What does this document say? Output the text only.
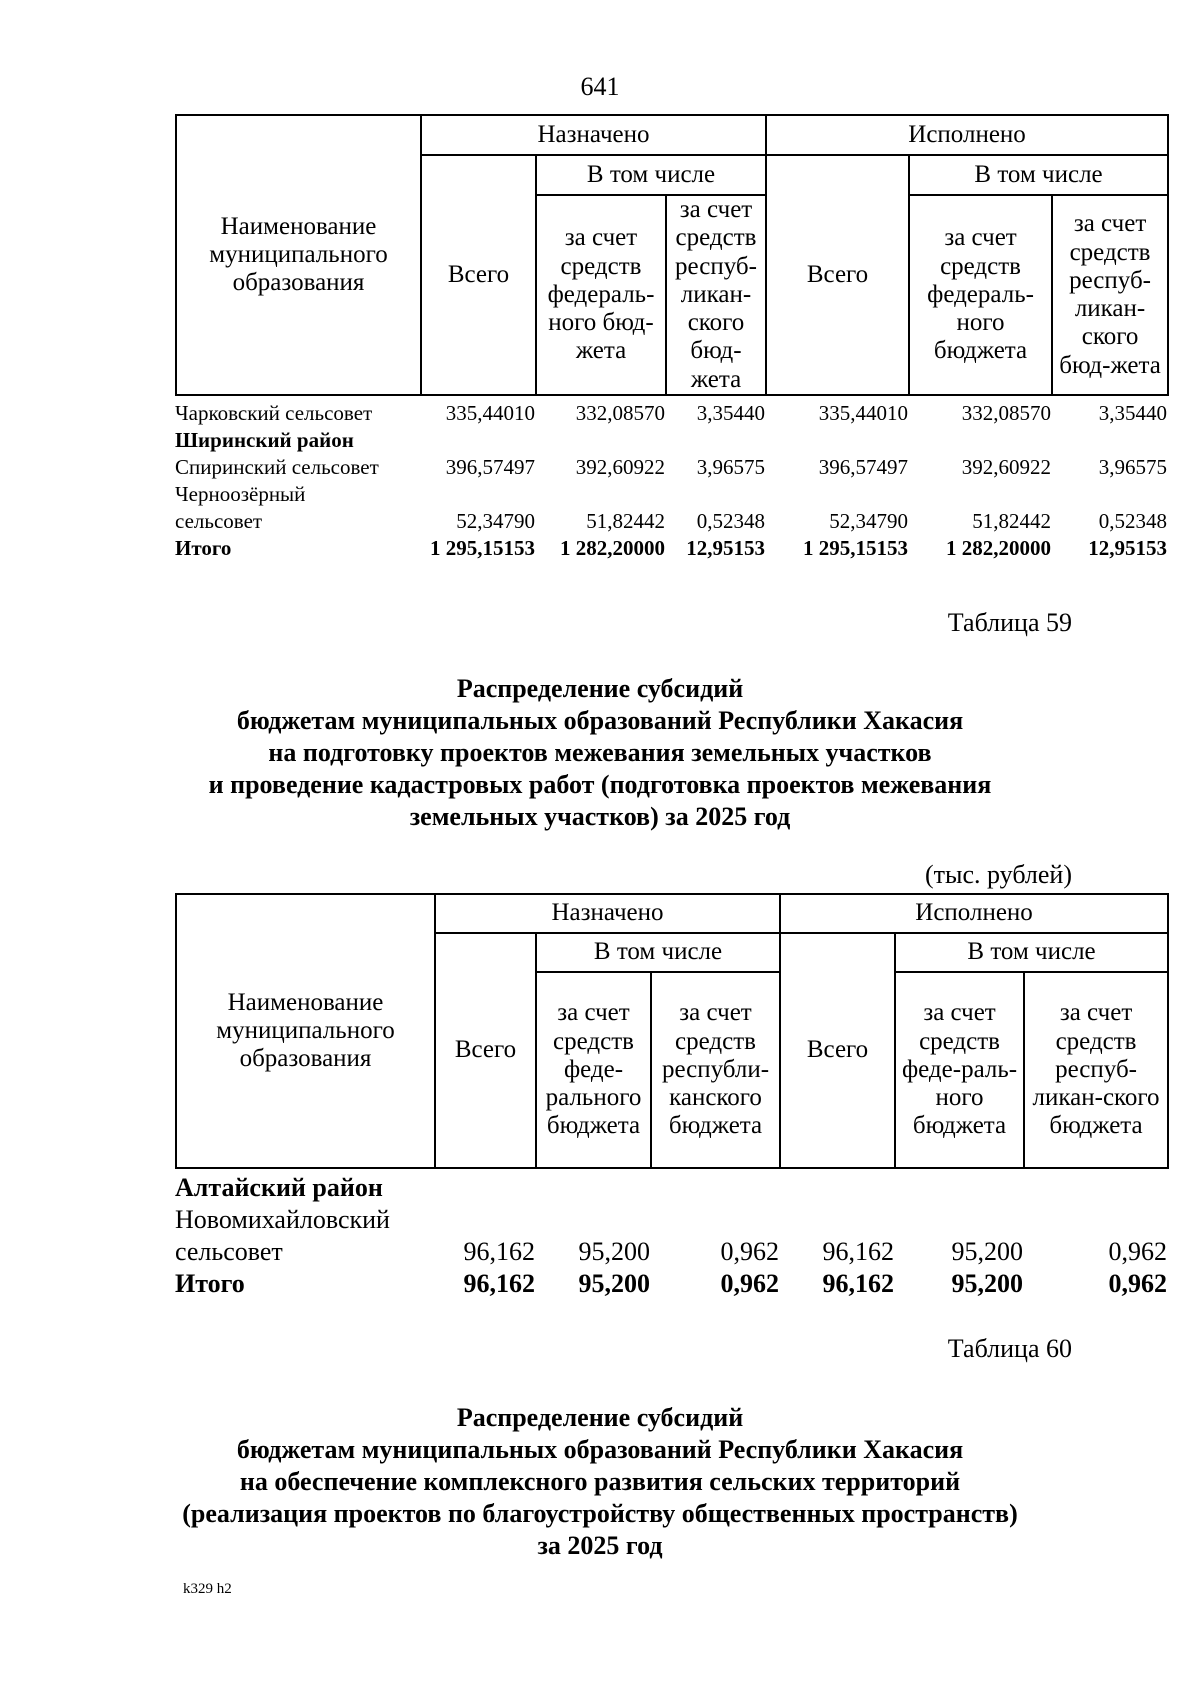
641
Наименование муниципального образования	Назначено			Исполнено		
	Всего	В том числе		Всего	В том числе	
		за счет средств федераль-ного бюд-жета	за счет средств респуб-ликан-ского бюд-жета		за счет средств федераль-ного бюджета	за счет средств респуб-ликан-ского бюд-жета
Чарковский сельсовет	335,44010	332,08570	3,35440	335,44010	332,08570	3,35440
Ширинский район						
Спиринский сельсовет	396,57497	392,60922	3,96575	396,57497	392,60922	3,96575
Черноозёрный сельсовет	52,34790	51,82442	0,52348	52,34790	51,82442	0,52348
Итого	1 295,15153	1 282,20000	12,95153	1 295,15153	1 282,20000	12,95153
Таблица 59
Распределение субсидий
бюджетам муниципальных образований Республики Хакасия
на подготовку проектов межевания земельных участков
и проведение кадастровых работ (подготовка проектов межевания
земельных участков) за 2025 год
(тыс. рублей)
Наименование муниципального образования	Назначено			Исполнено		
	Всего	В том числе		Всего	В том числе	
		за счет средств феде-рального бюджета	за счет средств республи-канского бюджета		за счет средств феде-раль-ного бюджета	за счет средств респуб-ликан-ского бюджета
Алтайский район						
Новомихайловский сельсовет	96,162	95,200	0,962	96,162	95,200	0,962
Итого	96,162	95,200	0,962	96,162	95,200	0,962
Таблица 60
Распределение субсидий
бюджетам муниципальных образований Республики Хакасия
на обеспечение комплексного развития сельских территорий
(реализация проектов по благоустройству общественных пространств)
за 2025 год
k329 h2
